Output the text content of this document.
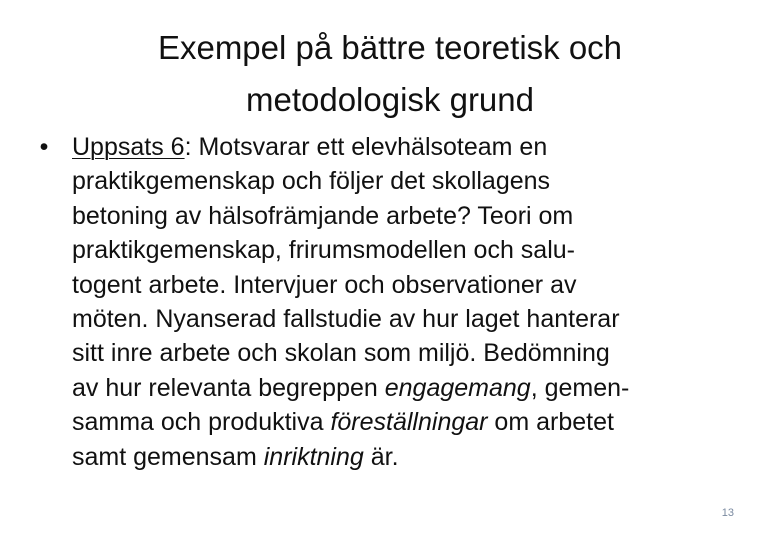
Exempel på bättre teoretisk och
metodologisk grund
• Uppsats 6: Motsvarar ett elevhälsoteam en
praktikgemenskap och följer det skollagens
betoning av hälsofrämjande arbete? Teori om
praktikgemenskap, frirumsmodellen och salu-
togent arbete. Intervjuer och observationer av
möten. Nyanserad fallstudie av hur laget hanterar
sitt inre arbete och skolan som miljö. Bedömning
av hur relevanta begreppen engagemang, gemen-
samma och produktiva föreställningar om arbetet
samt gemensam inriktning är.
13
